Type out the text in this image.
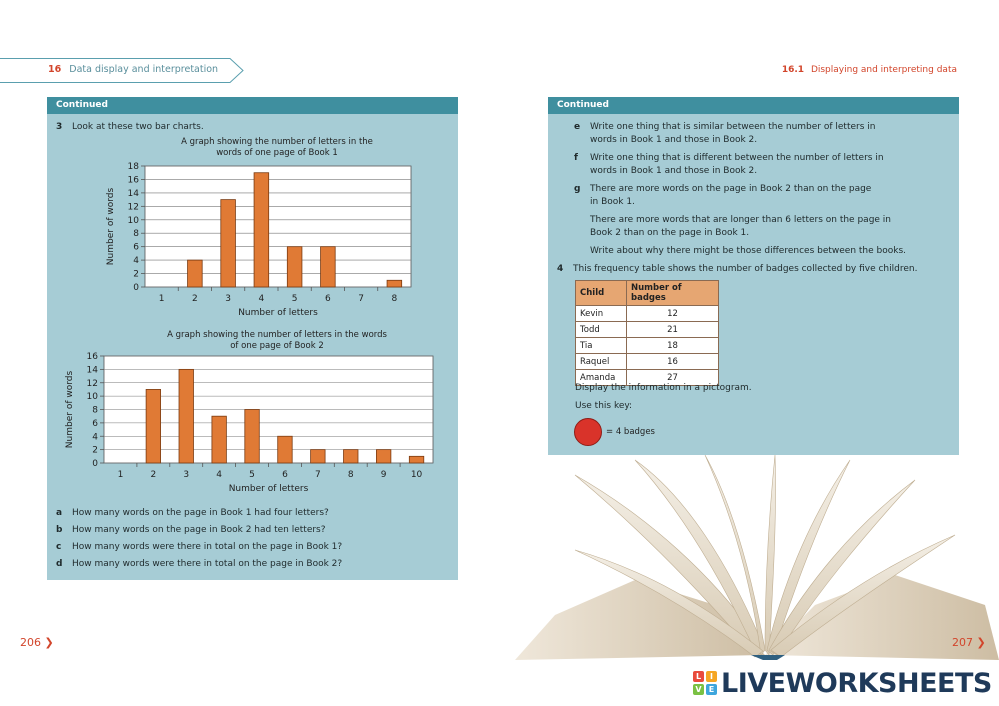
16 Data display and interpretation	16.1 Displaying and interpreting data
Continued
3 Look at these two bar charts.
A graph showing the number of letters in the
words of one page of Book 1
0
2
4
6
8
10
12
14
16
18
1	2	3	4	5	6	7	8
Number of letters
Number of words
A graph showing the number of letters in the words
of one page of Book 2
0
2
4
6
8
10
12
14
16
1	2	3	4	5	6	7	8	9	10
Number of letters
Number of words
a How many words on the page in Book 1 had four letters?
b How many words on the page in Book 2 had ten letters?
c How many words were there in total on the page in Book 1?
d How many words were there in total on the page in Book 2?
Continued
e Write one thing that is similar between the number of letters in
words in Book 1 and those in Book 2.
f Write one thing that is different between the number of letters in
words in Book 1 and those in Book 2.
g There are more words on the page in Book 2 than on the page
in Book 1.
There are more words that are longer than 6 letters on the page in
Book 2 than on the page in Book 1.
Write about why there might be those differences between the books.
4 This frequency table shows the number of badges collected by five children.
Child	Number of badges
Kevin	12
Todd	21
Tia	18
Raquel	16
Amanda	27
Display the information in a pictogram.
Use this key:
= 4 badges
206 ❯	207 ❯
L	I
V E LIVEWORKSHEETS
